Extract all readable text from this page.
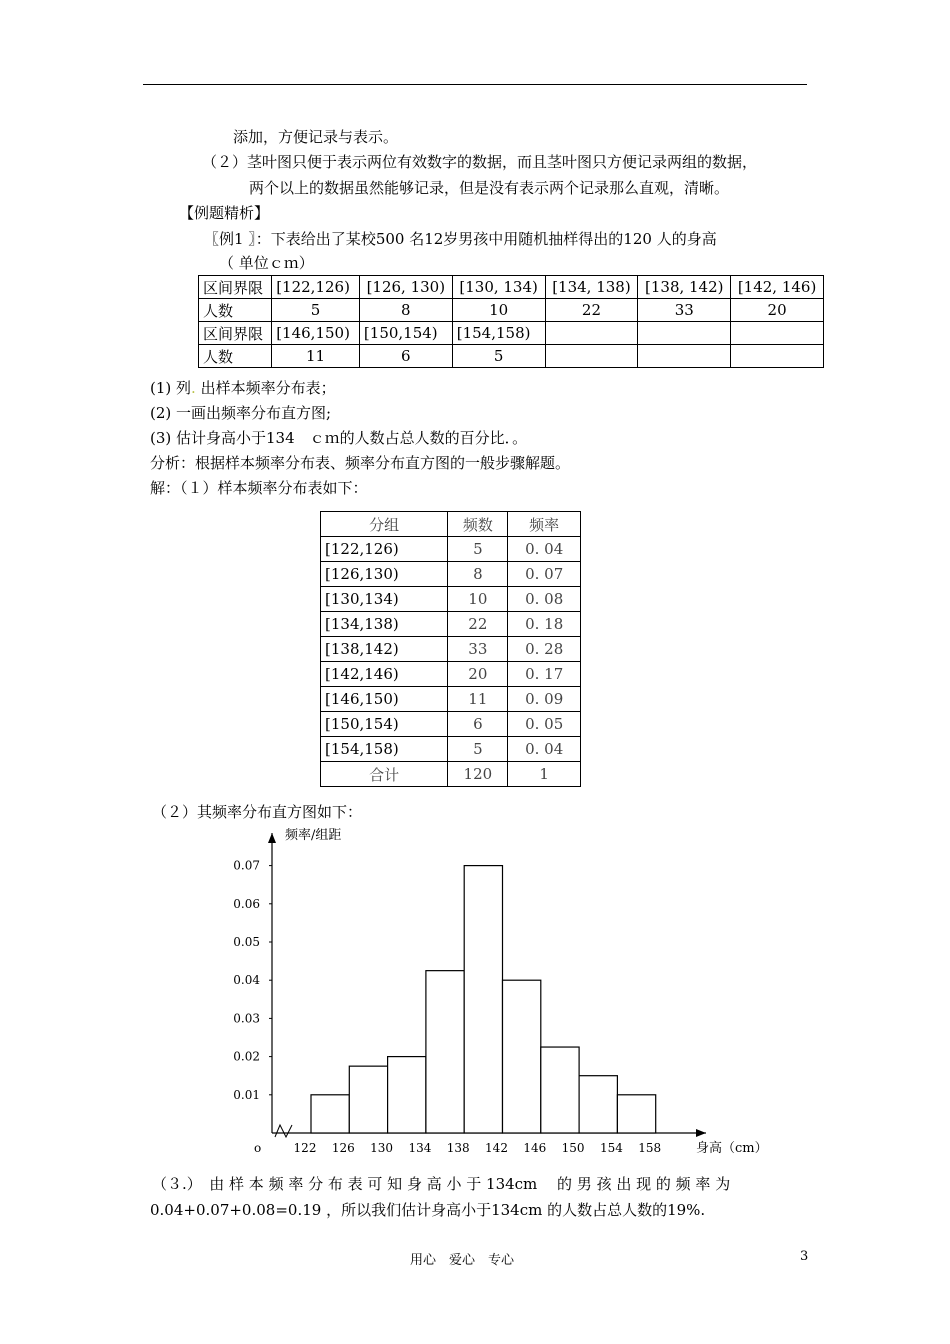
添加，方便记录与表示。
（２）茎叶图只便于表示两位有效数字的数据，而且茎叶图只方便记录两组的数据，
两个以上的数据虽然能够记录，但是没有表示两个记录那么直观，清晰。
【例题精析】
〖例1 〗：下表给出了某校500 名12岁男孩中用随机抽样得出的120 人的身高
（ 单位ｃｍ）
区间界限	[122,126)	[126, 130)	[130, 134)	[134, 138)	[138, 142)	[142, 146)
人数	5	8	10	22	33	20
区间界限	[146,150)	[150,154)	[154,158)			
人数	11	6	5			
(1) 列. 出样本频率分布表；
(2) 一画出频率分布直方图;
(3) 估计身高小于134　ｃｍ的人数占总人数的百分比．。
分析：根据样本频率分布表、频率分布直方图的一般步骤解题。
解：（１）样本频率分布表如下：
分组	频数	频率
[122,126)	5	0. 04
[126,130)	8	0. 07
[130,134)	10	0. 08
[134,138)	22	0. 18
[138,142)	33	0. 28
[142,146)	20	0. 17
[146,150)	11	0. 09
[150,154)	6	0. 05
[154,158)	5	0. 04
合计	120	1
（２）其频率分布直方图如下：
0.01
0.02
0.03
0.04
0.05
0.06
0.07
122 126 130 134 138 142 146 150 154 158
o
频率/组距
身高（cm）
（３.）　由 样 本 频 率 分 布 表 可 知 身 高 小 于 134cm　 的 男 孩 出 现 的 频 率 为
0.04+0.07+0.08=0.19 ，所以我们估计身高小于134cm 的人数占总人数的19%.
用心　爱心　专心	3
